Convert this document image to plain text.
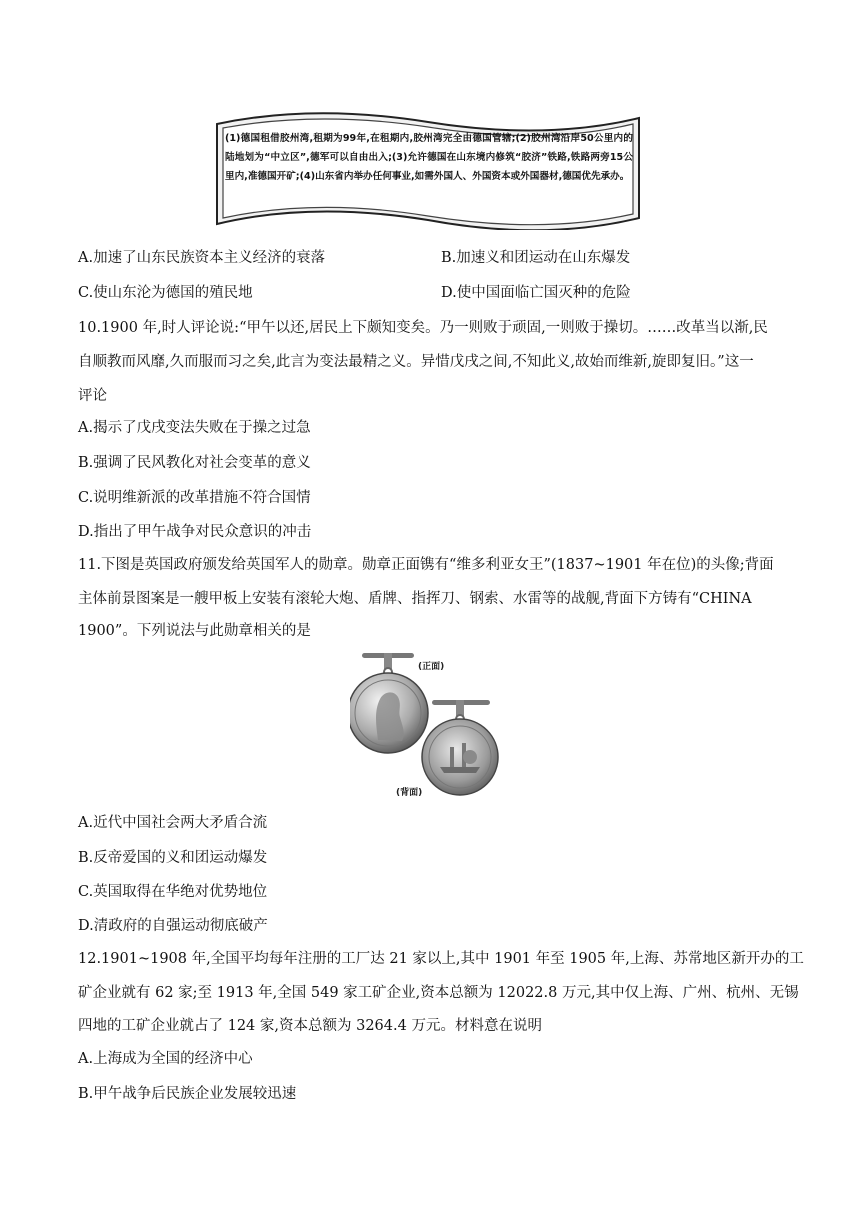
(1)德国租借胶州湾,租期为99年,在租期内,胶州湾完全由德国管辖;(2)胶州湾沿岸50公里内的陆地划为“中立区”,德军可以自由出入;(3)允许德国在山东境内修筑“胶济”铁路,铁路两旁15公里内,准德国开矿;(4)山东省内举办任何事业,如需外国人、外国资本或外国器材,德国优先承办。
A.加速了山东民族资本主义经济的衰落	B.加速义和团运动在山东爆发
C.使山东沦为德国的殖民地	D.使中国面临亡国灭种的危险
10.1900 年,时人评论说:“甲午以还,居民上下颇知变矣。乃一则败于顽固,一则败于操切。……改革当以渐,民
自顺教而风靡,久而服而习之矣,此言为变法最精之义。异惜戊戌之间,不知此义,故始而维新,旋即复旧。”这一
评论
A.揭示了戊戌变法失败在于操之过急
B.强调了民风教化对社会变革的意义
C.说明维新派的改革措施不符合国情
D.指出了甲午战争对民众意识的冲击
11.下图是英国政府颁发给英国军人的勋章。勋章正面镌有“维多利亚女王”(1837~1901 年在位)的头像;背面
主体前景图案是一艘甲板上安装有滚轮大炮、盾牌、指挥刀、钢索、水雷等的战舰,背面下方铸有“CHINA
1900”。下列说法与此勋章相关的是
(正面)
(背面)
A.近代中国社会两大矛盾合流
B.反帝爱国的义和团运动爆发
C.英国取得在华绝对优势地位
D.清政府的自强运动彻底破产
12.1901~1908 年,全国平均每年注册的工厂达 21 家以上,其中 1901 年至 1905 年,上海、苏常地区新开办的工
矿企业就有 62 家;至 1913 年,全国 549 家工矿企业,资本总额为 12022.8 万元,其中仅上海、广州、杭州、无锡
四地的工矿企业就占了 124 家,资本总额为 3264.4 万元。材料意在说明
A.上海成为全国的经济中心
B.甲午战争后民族企业发展较迅速
